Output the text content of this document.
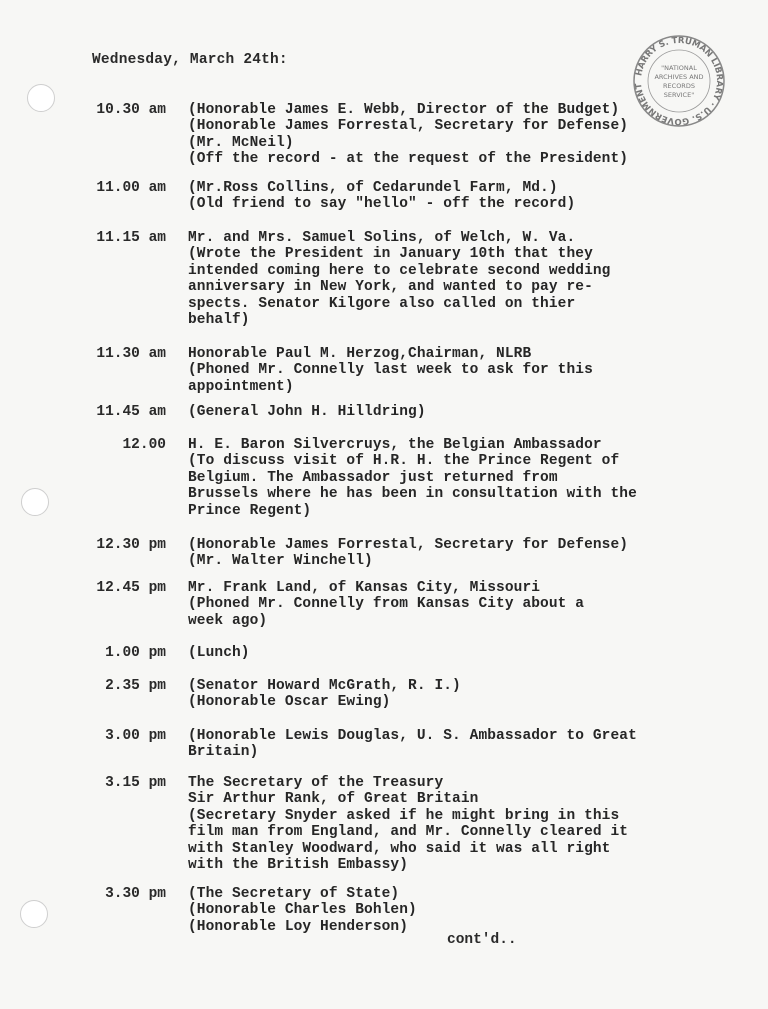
HARRY S. TRUMAN LIBRARY · U.S. GOVERNMENT
"NATIONAL
ARCHIVES AND
RECORDS
SERVICE"
Wednesday, March 24th:
10.30 am (Honorable James E. Webb, Director of the Budget)
(Honorable James Forrestal, Secretary for Defense)
(Mr. McNeil)
(Off the record - at the request of the President)
11.00 am (Mr.Ross Collins, of Cedarundel Farm, Md.)
(Old friend to say "hello" - off the record)
11.15 am Mr. and Mrs. Samuel Solins, of Welch, W. Va.
(Wrote the President in January 10th that they
intended coming here to celebrate second wedding
anniversary in New York, and wanted to pay re-
spects. Senator Kilgore also called on thier
behalf)
11.30 am Honorable Paul M. Herzog,Chairman, NLRB
(Phoned Mr. Connelly last week to ask for this
appointment)
11.45 am (General John H. Hilldring)
12.00 H. E. Baron Silvercruys, the Belgian Ambassador
(To discuss visit of H.R. H. the Prince Regent of
Belgium. The Ambassador just returned from
Brussels where he has been in consultation with the
Prince Regent)
12.30 pm (Honorable James Forrestal, Secretary for Defense)
(Mr. Walter Winchell)
12.45 pm Mr. Frank Land, of Kansas City, Missouri
(Phoned Mr. Connelly from Kansas City about a
week ago)
1.00 pm (Lunch)
2.35 pm (Senator Howard McGrath, R. I.)
(Honorable Oscar Ewing)
3.00 pm (Honorable Lewis Douglas, U. S. Ambassador to Great
Britain)
3.15 pm The Secretary of the Treasury
Sir Arthur Rank, of Great Britain
(Secretary Snyder asked if he might bring in this
film man from England, and Mr. Connelly cleared it
with Stanley Woodward, who said it was all right
with the British Embassy)
3.30 pm (The Secretary of State)
(Honorable Charles Bohlen)
(Honorable Loy Henderson)
cont'd..
